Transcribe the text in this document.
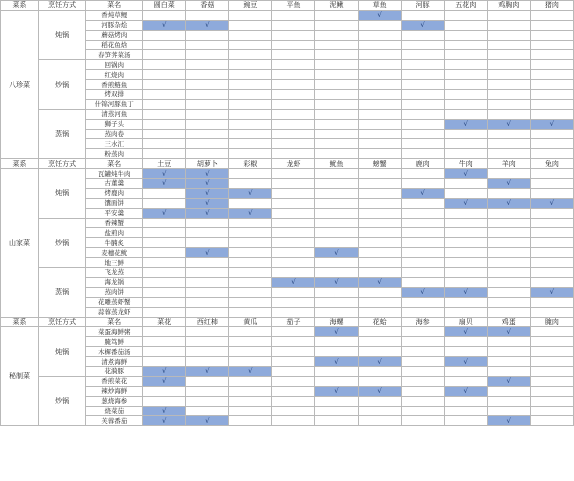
菜系	烹饪方式	菜名	圆白菜	香菇	豌豆	平鱼	泥鳅	草鱼	河豚	五花肉	鸡胸肉	猪肉
八珍菜	炖锅	香炖草鲤						√				
		河豚杂烩	√	√					√			
		蘑菇烤肉										
		稻花鱼焓										
		春笋荠菜汤										
	炒锅	回锅肉										
		红烧肉										
		香煎鲢鱼										
		烤双排										
		什锦河豚鱼丁										
	蒸锅	清蒸河鱼										
		狮子头								√	√	√
		蒸肉卷										
		三水汇										
		粉蒸肉										
菜系	烹饪方式	菜名	土豆	胡萝卜	彩椒	龙虾	鱿鱼	螃蟹	鹿肉	牛肉	羊肉	兔肉
山家菜	炖锅	瓦罐炖牛肉	√	√						√		
		古董羹	√	√							√	
		烤鹿肉		√	√				√			
		馕面饼		√						√	√	√
		平安羹	√	√	√							
	炒锅	香辣蟹										
		盐煎肉										
		牛腩炙										
		麦穗花鱿		√			√					
		地三鲜										
	蒸锅	飞龙蒸										
		海龙锅				√	√	√				
		蒸肉饼							√	√		√
		花雕蒸虾蟹										
		蒜蓉蒸龙虾										
菜系	烹饪方式	菜名	菜花	西红柿	黄瓜	茄子	海螺	花蛤	海参	扇贝	鸡蛋	腌肉
秘制菜	炖锅	菜蛋海鲜粥					√			√	√	
		腌笃鲜										
		木樨番茄汤										
		清煮海鲜					√	√		√		
		花漪豚	√	√	√							
	炒锅	香煎菜花	√								√	
		辣炒海鲜					√	√		√		
		葱烧海参										
		烧菜茄	√									
		芙蓉番茄	√	√							√	
